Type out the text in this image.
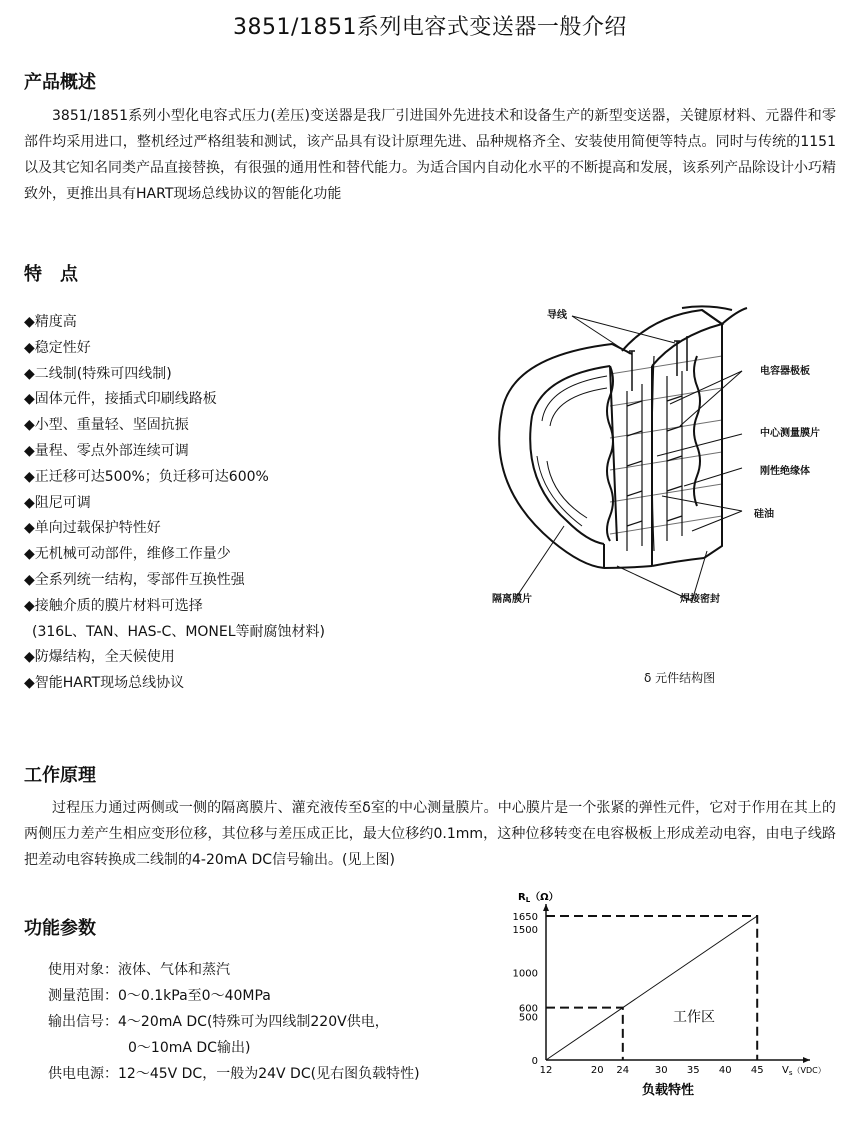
3851/1851系列电容式变送器一般介绍
产品概述

3851/1851系列小型化电容式压力(差压)变送器是我厂引进国外先进技术和设备生产的新型变送器，关键原材料、元器件和零部件均采用进口，整机经过严格组装和测试，该产品具有设计原理先进、品种规格齐全、安装使用简便等特点。同时与传统的1151以及其它知名同类产品直接替换，有很强的通用性和替代能力。为适合国内自动化水平的不断提高和发展，该系列产品除设计小巧精致外，更推出具有HART现场总线协议的智能化功能

特　点
◆精度高
◆稳定性好
◆二线制(特殊可四线制)
◆固体元件，接插式印刷线路板
◆小型、重量轻、坚固抗振
◆量程、零点外部连续可调
◆正迁移可达500%；负迁移可达600%
◆阻尼可调
◆单向过载保护特性好
◆无机械可动部件，维修工作量少
◆全系列统一结构，零部件互换性强
◆接触介质的膜片材料可选择
(316L、TAN、HAS-C、MONEL等耐腐蚀材料)
◆防爆结构，全天候使用
◆智能HART现场总线协议
导线
电容器极板
中心测量膜片
刚性绝缘体
硅油
隔离膜片	焊接密封
δ 元件结构图
工作原理

过程压力通过两侧或一侧的隔离膜片、灌充液传至δ室的中心测量膜片。中心膜片是一个张紧的弹性元件，它对于作用在其上的两侧压力差产生相应变形位移，其位移与差压成正比，最大位移约0.1mm，这种位移转变在电容极板上形成差动电容，由电子线路把差动电容转换成二线制的4-20mA DC信号输出。(见上图)

功能参数
使用对象：液体、气体和蒸汽
测量范围：0～0.1kPa至0～40MPa
输出信号：4～20mA DC(特殊可为四线制220V供电，
0～10mA DC输出)
供电电源：12～45V DC，一般为24V DC(见右图负载特性)
0
500
600
1000
1500
1650
12	20 24	30 35 40 45
$R_L(\Omega)$
$V_s^{(VDC)}$
工作区
负载特性
